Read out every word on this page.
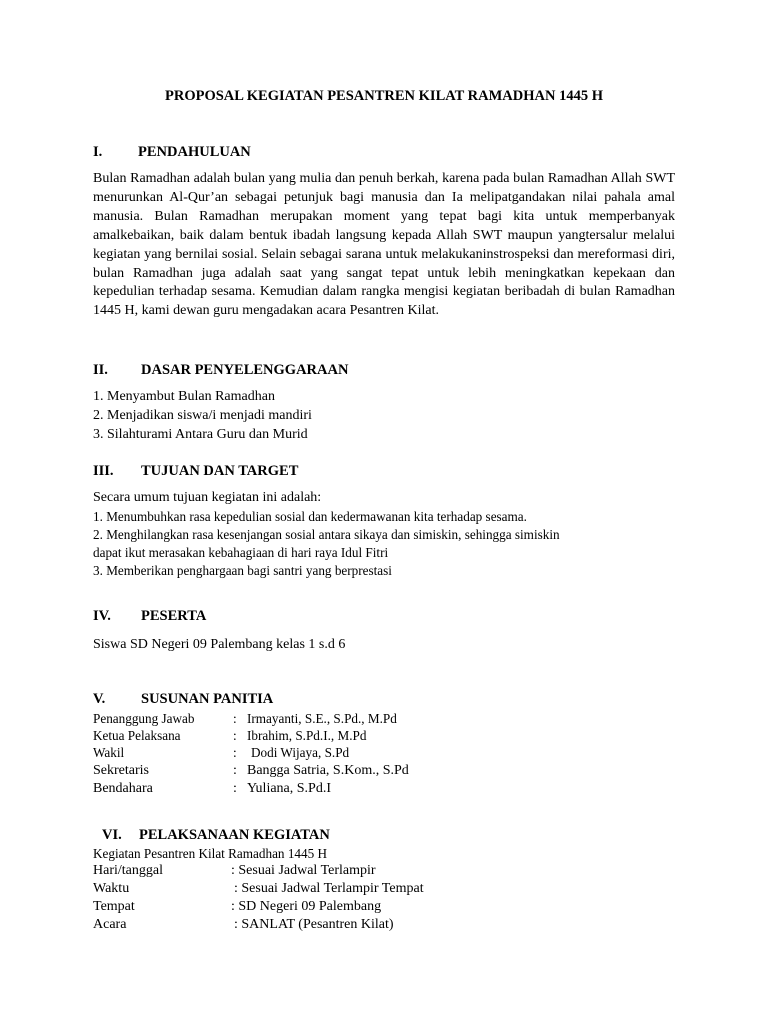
PROPOSAL KEGIATAN PESANTREN KILAT RAMADHAN 1445 H
I. PENDAHULUAN

Bulan Ramadhan adalah bulan yang mulia dan penuh berkah, karena pada bulan Ramadhan Allah SWT menurunkan Al-Qur’an sebagai petunjuk bagi manusia dan Ia melipatgandakan nilai pahala amal manusia. Bulan Ramadhan merupakan moment yang tepat bagi kita untuk memperbanyak amalkebaikan, baik dalam bentuk ibadah langsung kepada Allah SWT maupun yangtersalur melalui kegiatan yang bernilai sosial. Selain sebagai sarana untuk melakukaninstrospeksi dan mereformasi diri, bulan Ramadhan juga adalah saat yang sangat tepat untuk lebih meningkatkan kepekaan dan kepedulian terhadap sesama. Kemudian dalam rangka mengisi kegiatan beribadah di bulan Ramadhan 1445 H, kami dewan guru mengadakan acara Pesantren Kilat.

II. DASAR PENYELENGGARAAN
1. Menyambut Bulan Ramadhan
2. Menjadikan siswa/i menjadi mandiri
3. Silahturami Antara Guru dan Murid
III. TUJUAN DAN TARGET
Secara umum tujuan kegiatan ini adalah:
1. Menumbuhkan rasa kepedulian sosial dan kedermawanan kita terhadap sesama.
2. Menghilangkan rasa kesenjangan sosial antara sikaya dan simiskin, sehingga simiskin
dapat ikut merasakan kebahagiaan di hari raya Idul Fitri
3. Memberikan penghargaan bagi santri yang berprestasi
IV. PESERTA
Siswa SD Negeri 09 Palembang kelas 1 s.d 6
V. SUSUNAN PANITIA
Penanggung Jawab	: Irmayanti, S.E., S.Pd., M.Pd
Ketua Pelaksana	: Ibrahim, S.Pd.I., M.Pd
Wakil	: Dodi Wijaya, S.Pd
Sekretaris	: Bangga Satria, S.Kom., S.Pd
Bendahara	: Yuliana, S.Pd.I
VI. PELAKSANAAN KEGIATAN
Kegiatan Pesantren Kilat Ramadhan 1445 H
Hari/tanggal	: Sesuai Jadwal Terlampir
Waktu	: Sesuai Jadwal Terlampir Tempat
Tempat	: SD Negeri 09 Palembang
Acara	: SANLAT (Pesantren Kilat)
